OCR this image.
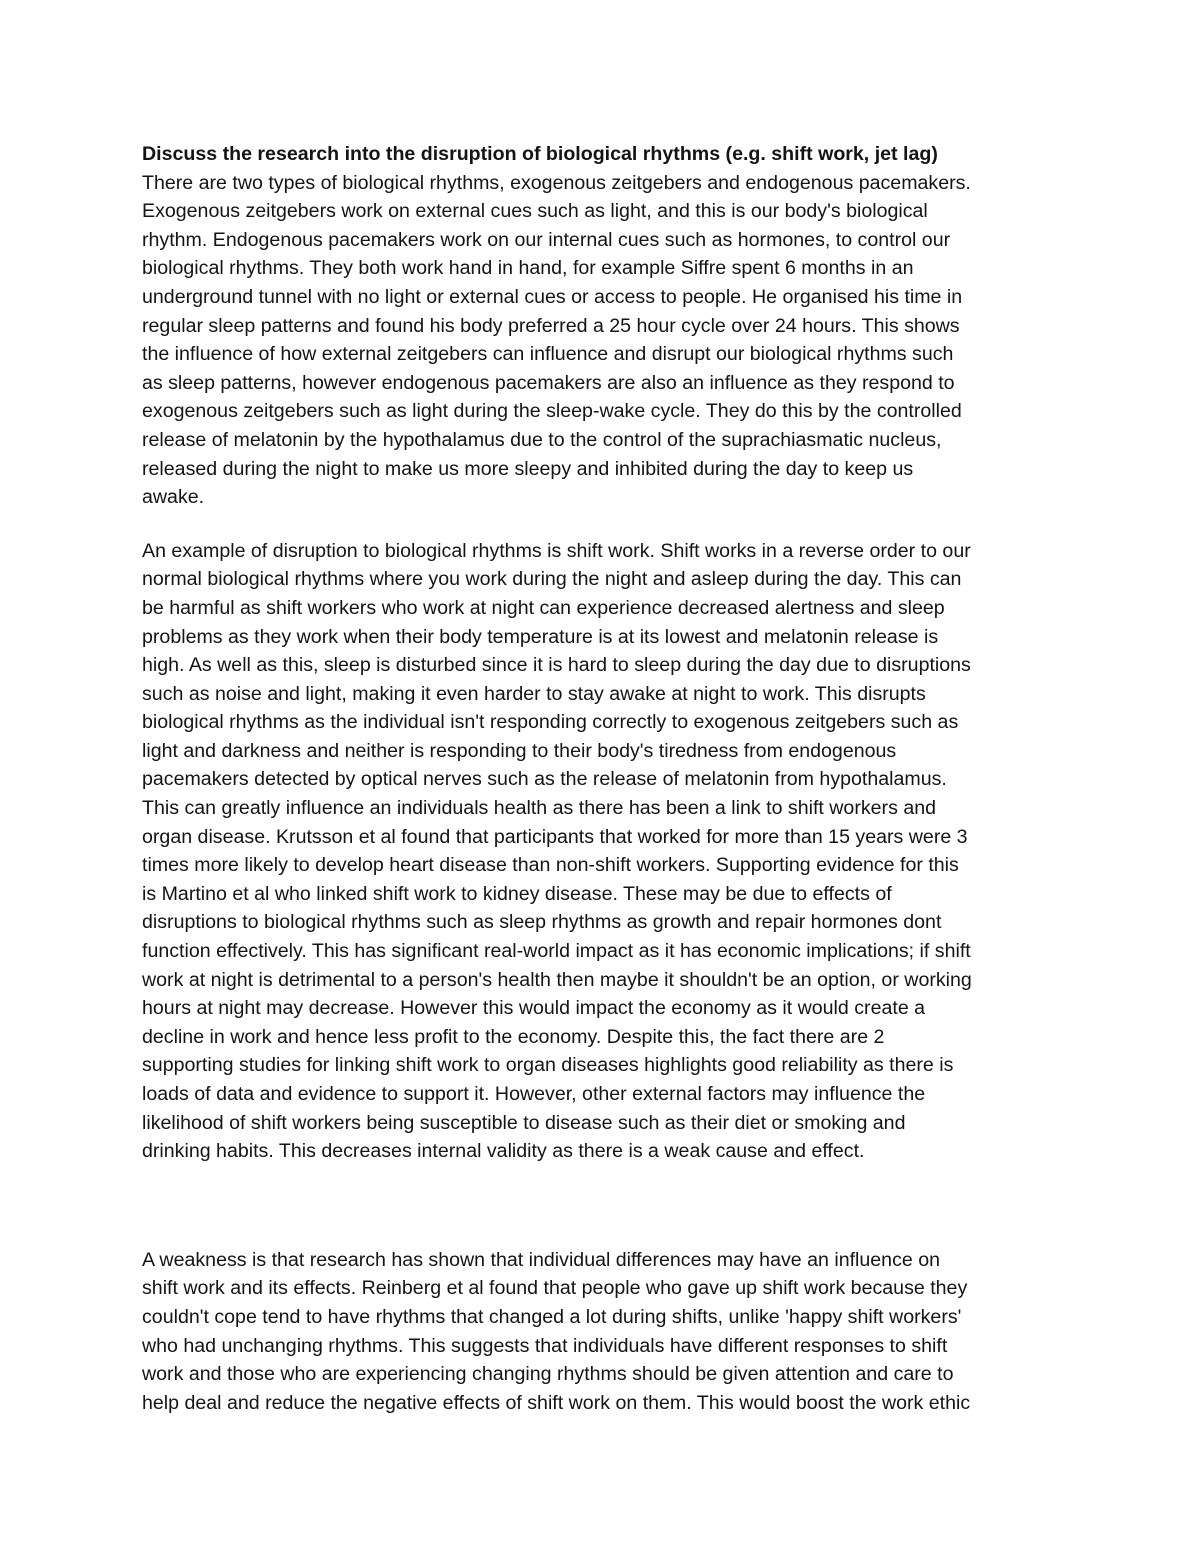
Discuss the research into the disruption of biological rhythms (e.g. shift work, jet lag)
There are two types of biological rhythms, exogenous zeitgebers and endogenous pacemakers.
Exogenous zeitgebers work on external cues such as light, and this is our body's biological
rhythm. Endogenous pacemakers work on our internal cues such as hormones, to control our
biological rhythms. They both work hand in hand, for example Siffre spent 6 months in an
underground tunnel with no light or external cues or access to people. He organised his time in
regular sleep patterns and found his body preferred a 25 hour cycle over 24 hours. This shows
the influence of how external zeitgebers can influence and disrupt our biological rhythms such
as sleep patterns, however endogenous pacemakers are also an influence as they respond to
exogenous zeitgebers such as light during the sleep-wake cycle. They do this by the controlled
release of melatonin by the hypothalamus due to the control of the suprachiasmatic nucleus,
released during the night to make us more sleepy and inhibited during the day to keep us
awake.
An example of disruption to biological rhythms is shift work. Shift works in a reverse order to our
normal biological rhythms where you work during the night and asleep during the day. This can
be harmful as shift workers who work at night can experience decreased alertness and sleep
problems as they work when their body temperature is at its lowest and melatonin release is
high. As well as this, sleep is disturbed since it is hard to sleep during the day due to disruptions
such as noise and light, making it even harder to stay awake at night to work. This disrupts
biological rhythms as the individual isn't responding correctly to exogenous zeitgebers such as
light and darkness and neither is responding to their body's tiredness from endogenous
pacemakers detected by optical nerves such as the release of melatonin from hypothalamus.
This can greatly influence an individuals health as there has been a link to shift workers and
organ disease. Krutsson et al found that participants that worked for more than 15 years were 3
times more likely to develop heart disease than non-shift workers. Supporting evidence for this
is Martino et al who linked shift work to kidney disease. These may be due to effects of
disruptions to biological rhythms such as sleep rhythms as growth and repair hormones dont
function effectively. This has significant real-world impact as it has economic implications; if shift
work at night is detrimental to a person's health then maybe it shouldn't be an option, or working
hours at night may decrease. However this would impact the economy as it would create a
decline in work and hence less profit to the economy. Despite this, the fact there are 2
supporting studies for linking shift work to organ diseases highlights good reliability as there is
loads of data and evidence to support it. However, other external factors may influence the
likelihood of shift workers being susceptible to disease such as their diet or smoking and
drinking habits. This decreases internal validity as there is a weak cause and effect.
A weakness is that research has shown that individual differences may have an influence on
shift work and its effects. Reinberg et al found that people who gave up shift work because they
couldn't cope tend to have rhythms that changed a lot during shifts, unlike 'happy shift workers'
who had unchanging rhythms. This suggests that individuals have different responses to shift
work and those who are experiencing changing rhythms should be given attention and care to
help deal and reduce the negative effects of shift work on them. This would boost the work ethic
